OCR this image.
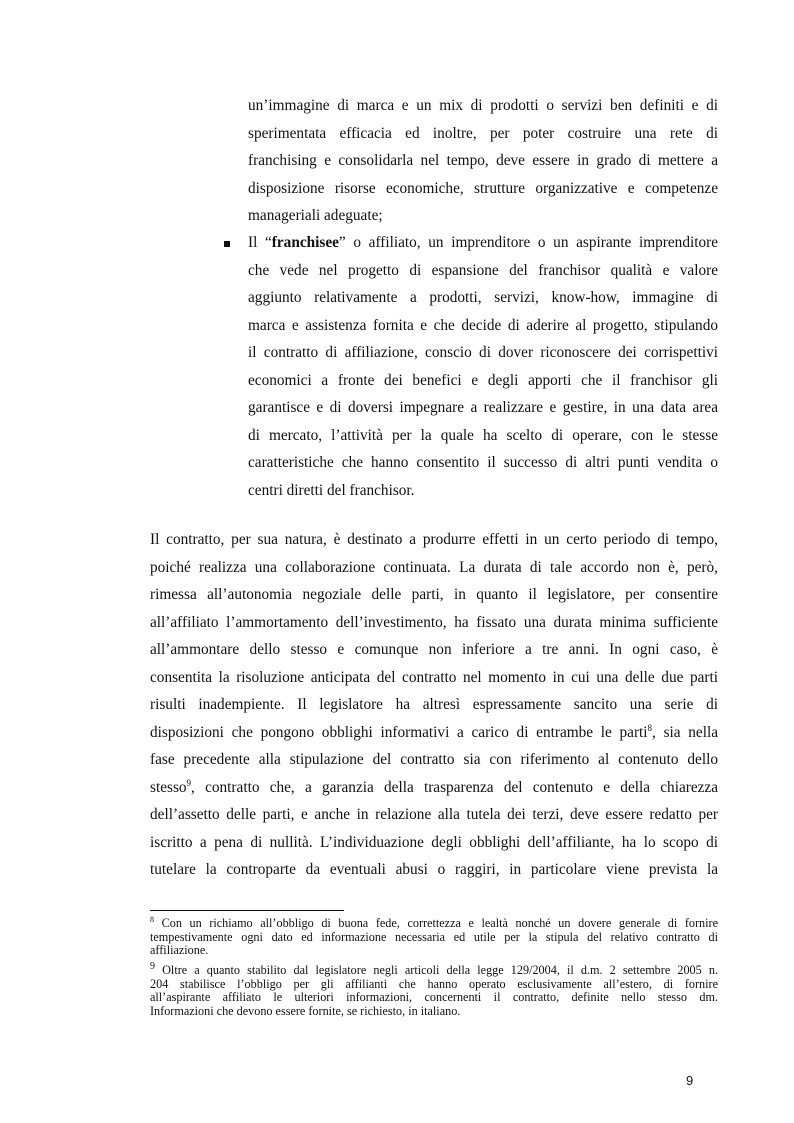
un’immagine di marca e un mix di prodotti o servizi ben definiti e di
sperimentata efficacia ed inoltre, per poter costruire una rete di
franchising e consolidarla nel tempo, deve essere in grado di mettere a
disposizione risorse economiche, strutture organizzative e competenze
manageriali adeguate;
Il “franchisee” o affiliato, un imprenditore o un aspirante imprenditore
che vede nel progetto di espansione del franchisor qualità e valore
aggiunto relativamente a prodotti, servizi, know-how, immagine di
marca e assistenza fornita e che decide di aderire al progetto, stipulando
il contratto di affiliazione, conscio di dover riconoscere dei corrispettivi
economici a fronte dei benefici e degli apporti che il franchisor gli
garantisce e di doversi impegnare a realizzare e gestire, in una data area
di mercato, l’attività per la quale ha scelto di operare, con le stesse
caratteristiche che hanno consentito il successo di altri punti vendita o
centri diretti del franchisor.
Il contratto, per sua natura, è destinato a produrre effetti in un certo periodo di tempo,
poiché realizza una collaborazione continuata. La durata di tale accordo non è, però,
rimessa all’autonomia negoziale delle parti, in quanto il legislatore, per consentire
all’affiliato l’ammortamento dell’investimento, ha fissato una durata minima sufficiente
all’ammontare dello stesso e comunque non inferiore a tre anni. In ogni caso, è
consentita la risoluzione anticipata del contratto nel momento in cui una delle due parti
risulti inadempiente. Il legislatore ha altresì espressamente sancito una serie di
disposizioni che pongono obblighi informativi a carico di entrambe le parti$^8$, sia nella
fase precedente alla stipulazione del contratto sia con riferimento al contenuto dello
stesso$^9$, contratto che, a garanzia della trasparenza del contenuto e della chiarezza
dell’assetto delle parti, e anche in relazione alla tutela dei terzi, deve essere redatto per
iscritto a pena di nullità. L’individuazione degli obblighi dell’affiliante, ha lo scopo di
tutelare la controparte da eventuali abusi o raggiri, in particolare viene prevista la
$^8$ Con un richiamo all’obbligo di buona fede, correttezza e lealtà nonché un dovere generale di fornire
tempestivamente ogni dato ed informazione necessaria ed utile per la stipula del relativo contratto di
affiliazione.
$^9$ Oltre a quanto stabilito dal legislatore negli articoli della legge 129/2004, il d.m. 2 settembre 2005 n.
204 stabilisce l’obbligo per gli affilianti che hanno operato esclusivamente all’estero, di fornire
all’aspirante affiliato le ulteriori informazioni, concernenti il contratto, definite nello stesso dm.
Informazioni che devono essere fornite, se richiesto, in italiano.
9
